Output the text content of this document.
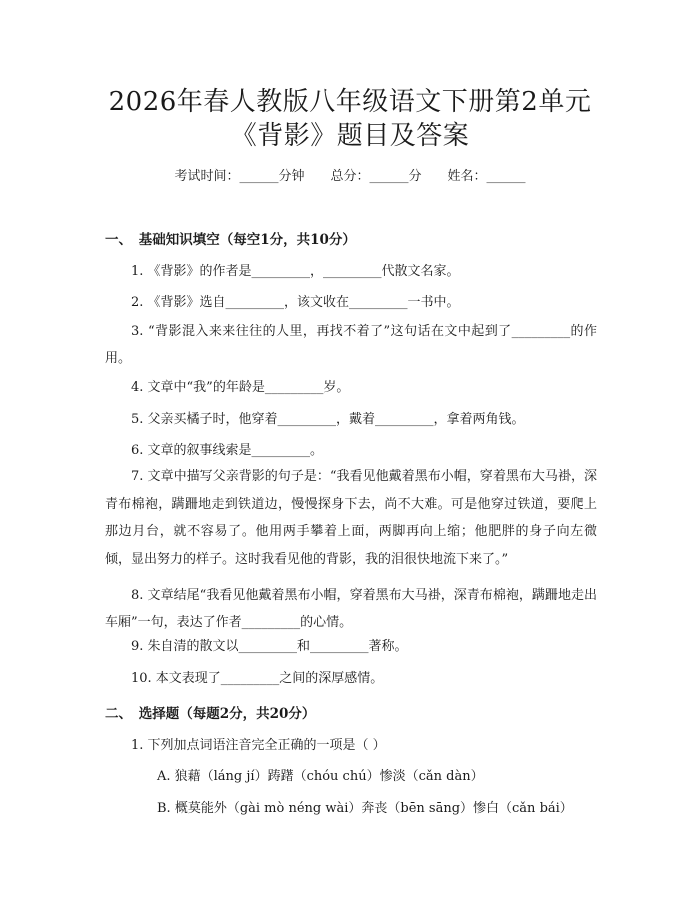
2026年春人教版八年级语文下册第2单元
《背影》题目及答案
考试时间：______分钟　　总分：______分　　姓名：______
一、　基础知识填空（每空1分，共10分）
1. 《背影》的作者是_________，_________代散文名家。
2. 《背影》选自_________，该文收在_________一书中。
3. “背影混入来来往往的人里，再找不着了”这句话在文中起到了_________的作用。
4. 文章中“我”的年龄是_________岁。
5. 父亲买橘子时，他穿着_________，戴着_________，拿着两角钱。
6. 文章的叙事线索是_________。
7. 文章中描写父亲背影的句子是：“我看见他戴着黑布小帽，穿着黑布大马褂，深青布棉袍，蹒跚地走到铁道边，慢慢探身下去，尚不大难。可是他穿过铁道，要爬上那边月台，就不容易了。他用两手攀着上面，两脚再向上缩；他肥胖的身子向左微倾，显出努力的样子。这时我看见他的背影，我的泪很快地流下来了。”
8. 文章结尾“我看见他戴着黑布小帽，穿着黑布大马褂，深青布棉袍，蹒跚地走出车厢”一句，表达了作者_________的心情。
9. 朱自清的散文以_________和_________著称。
10. 本文表现了_________之间的深厚感情。
二、　选择题（每题2分，共20分）
1. 下列加点词语注音完全正确的一项是（ ）
A. 狼藉（láng jí）踌躇（chóu chú）惨淡（cǎn dàn）
B. 概莫能外（gài mò néng wài）奔丧（bēn sāng）惨白（cǎn bái）
